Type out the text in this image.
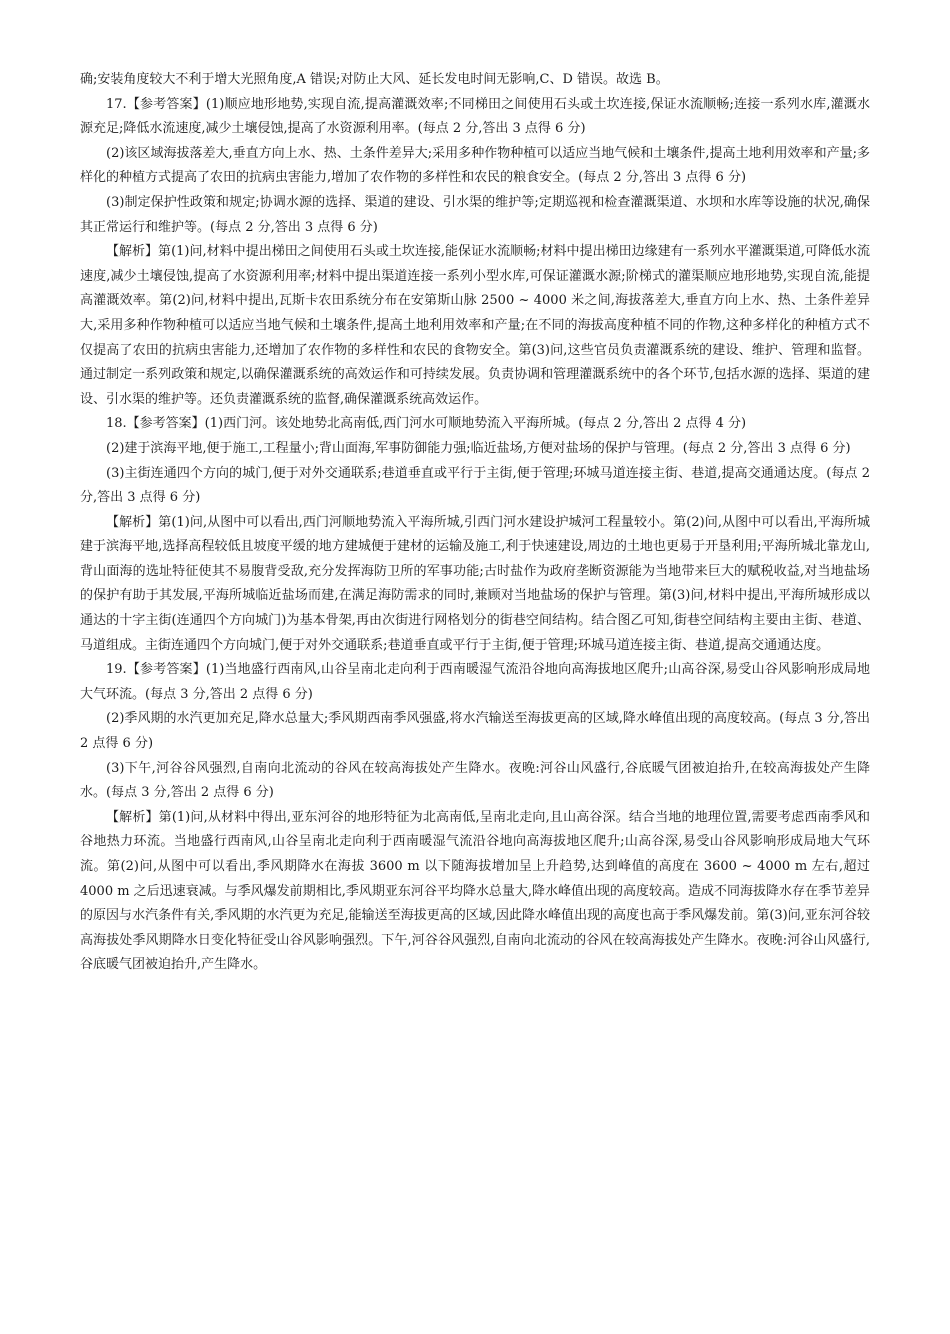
确;安装角度较大不利于增大光照角度,A 错误;对防止大风、延长发电时间无影响,C、D 错误。故选 B。

17.【参考答案】(1)顺应地形地势,实现自流,提高灌溉效率;不同梯田之间使用石头或土坎连接,保证水流顺畅;连接一系列水库,灌溉水源充足;降低水流速度,减少土壤侵蚀,提高了水资源利用率。(每点 2 分,答出 3 点得 6 分)

(2)该区域海拔落差大,垂直方向上水、热、土条件差异大;采用多种作物种植可以适应当地气候和土壤条件,提高土地利用效率和产量;多样化的种植方式提高了农田的抗病虫害能力,增加了农作物的多样性和农民的粮食安全。(每点 2 分,答出 3 点得 6 分)

(3)制定保护性政策和规定;协调水源的选择、渠道的建设、引水渠的维护等;定期巡视和检查灌溉渠道、水坝和水库等设施的状况,确保其正常运行和维护等。(每点 2 分,答出 3 点得 6 分)

【解析】第(1)问,材料中提出梯田之间使用石头或土坎连接,能保证水流顺畅;材料中提出梯田边缘建有一系列水平灌溉渠道,可降低水流速度,减少土壤侵蚀,提高了水资源利用率;材料中提出渠道连接一系列小型水库,可保证灌溉水源;阶梯式的灌渠顺应地形地势,实现自流,能提高灌溉效率。第(2)问,材料中提出,瓦斯卡农田系统分布在安第斯山脉 2500 ~ 4000 米之间,海拔落差大,垂直方向上水、热、土条件差异大,采用多种作物种植可以适应当地气候和土壤条件,提高土地利用效率和产量;在不同的海拔高度种植不同的作物,这种多样化的种植方式不仅提高了农田的抗病虫害能力,还增加了农作物的多样性和农民的食物安全。第(3)问,这些官员负责灌溉系统的建设、维护、管理和监督。通过制定一系列政策和规定,以确保灌溉系统的高效运作和可持续发展。负责协调和管理灌溉系统中的各个环节,包括水源的选择、渠道的建设、引水渠的维护等。还负责灌溉系统的监督,确保灌溉系统高效运作。

18.【参考答案】(1)西门河。该处地势北高南低,西门河水可顺地势流入平海所城。(每点 2 分,答出 2 点得 4 分)

(2)建于滨海平地,便于施工,工程量小;背山面海,军事防御能力强;临近盐场,方便对盐场的保护与管理。(每点 2 分,答出 3 点得 6 分)

(3)主街连通四个方向的城门,便于对外交通联系;巷道垂直或平行于主街,便于管理;环城马道连接主街、巷道,提高交通通达度。(每点 2 分,答出 3 点得 6 分)

【解析】第(1)问,从图中可以看出,西门河顺地势流入平海所城,引西门河水建设护城河工程量较小。第(2)问,从图中可以看出,平海所城建于滨海平地,选择高程较低且坡度平缓的地方建城便于建材的运输及施工,利于快速建设,周边的土地也更易于开垦利用;平海所城北靠龙山,背山面海的选址特征使其不易腹背受敌,充分发挥海防卫所的军事功能;古时盐作为政府垄断资源能为当地带来巨大的赋税收益,对当地盐场的保护有助于其发展,平海所城临近盐场而建,在满足海防需求的同时,兼顾对当地盐场的保护与管理。第(3)问,材料中提出,平海所城形成以通达的十字主街(连通四个方向城门)为基本骨架,再由次街进行网格划分的街巷空间结构。结合图乙可知,街巷空间结构主要由主街、巷道、马道组成。主街连通四个方向城门,便于对外交通联系;巷道垂直或平行于主街,便于管理;环城马道连接主街、巷道,提高交通通达度。

19.【参考答案】(1)当地盛行西南风,山谷呈南北走向利于西南暖湿气流沿谷地向高海拔地区爬升;山高谷深,易受山谷风影响形成局地大气环流。(每点 3 分,答出 2 点得 6 分)

(2)季风期的水汽更加充足,降水总量大;季风期西南季风强盛,将水汽输送至海拔更高的区域,降水峰值出现的高度较高。(每点 3 分,答出 2 点得 6 分)

(3)下午,河谷谷风强烈,自南向北流动的谷风在较高海拔处产生降水。夜晚:河谷山风盛行,谷底暖气团被迫抬升,在较高海拔处产生降水。(每点 3 分,答出 2 点得 6 分)

【解析】第(1)问,从材料中得出,亚东河谷的地形特征为北高南低,呈南北走向,且山高谷深。结合当地的地理位置,需要考虑西南季风和谷地热力环流。当地盛行西南风,山谷呈南北走向利于西南暖湿气流沿谷地向高海拔地区爬升;山高谷深,易受山谷风影响形成局地大气环流。第(2)问,从图中可以看出,季风期降水在海拔 3600 m 以下随海拔增加呈上升趋势,达到峰值的高度在 3600 ~ 4000 m 左右,超过 4000 m 之后迅速衰减。与季风爆发前期相比,季风期亚东河谷平均降水总量大,降水峰值出现的高度较高。造成不同海拔降水存在季节差异的原因与水汽条件有关,季风期的水汽更为充足,能输送至海拔更高的区域,因此降水峰值出现的高度也高于季风爆发前。第(3)问,亚东河谷较高海拔处季风期降水日变化特征受山谷风影响强烈。下午,河谷谷风强烈,自南向北流动的谷风在较高海拔处产生降水。夜晚:河谷山风盛行,谷底暖气团被迫抬升,产生降水。
